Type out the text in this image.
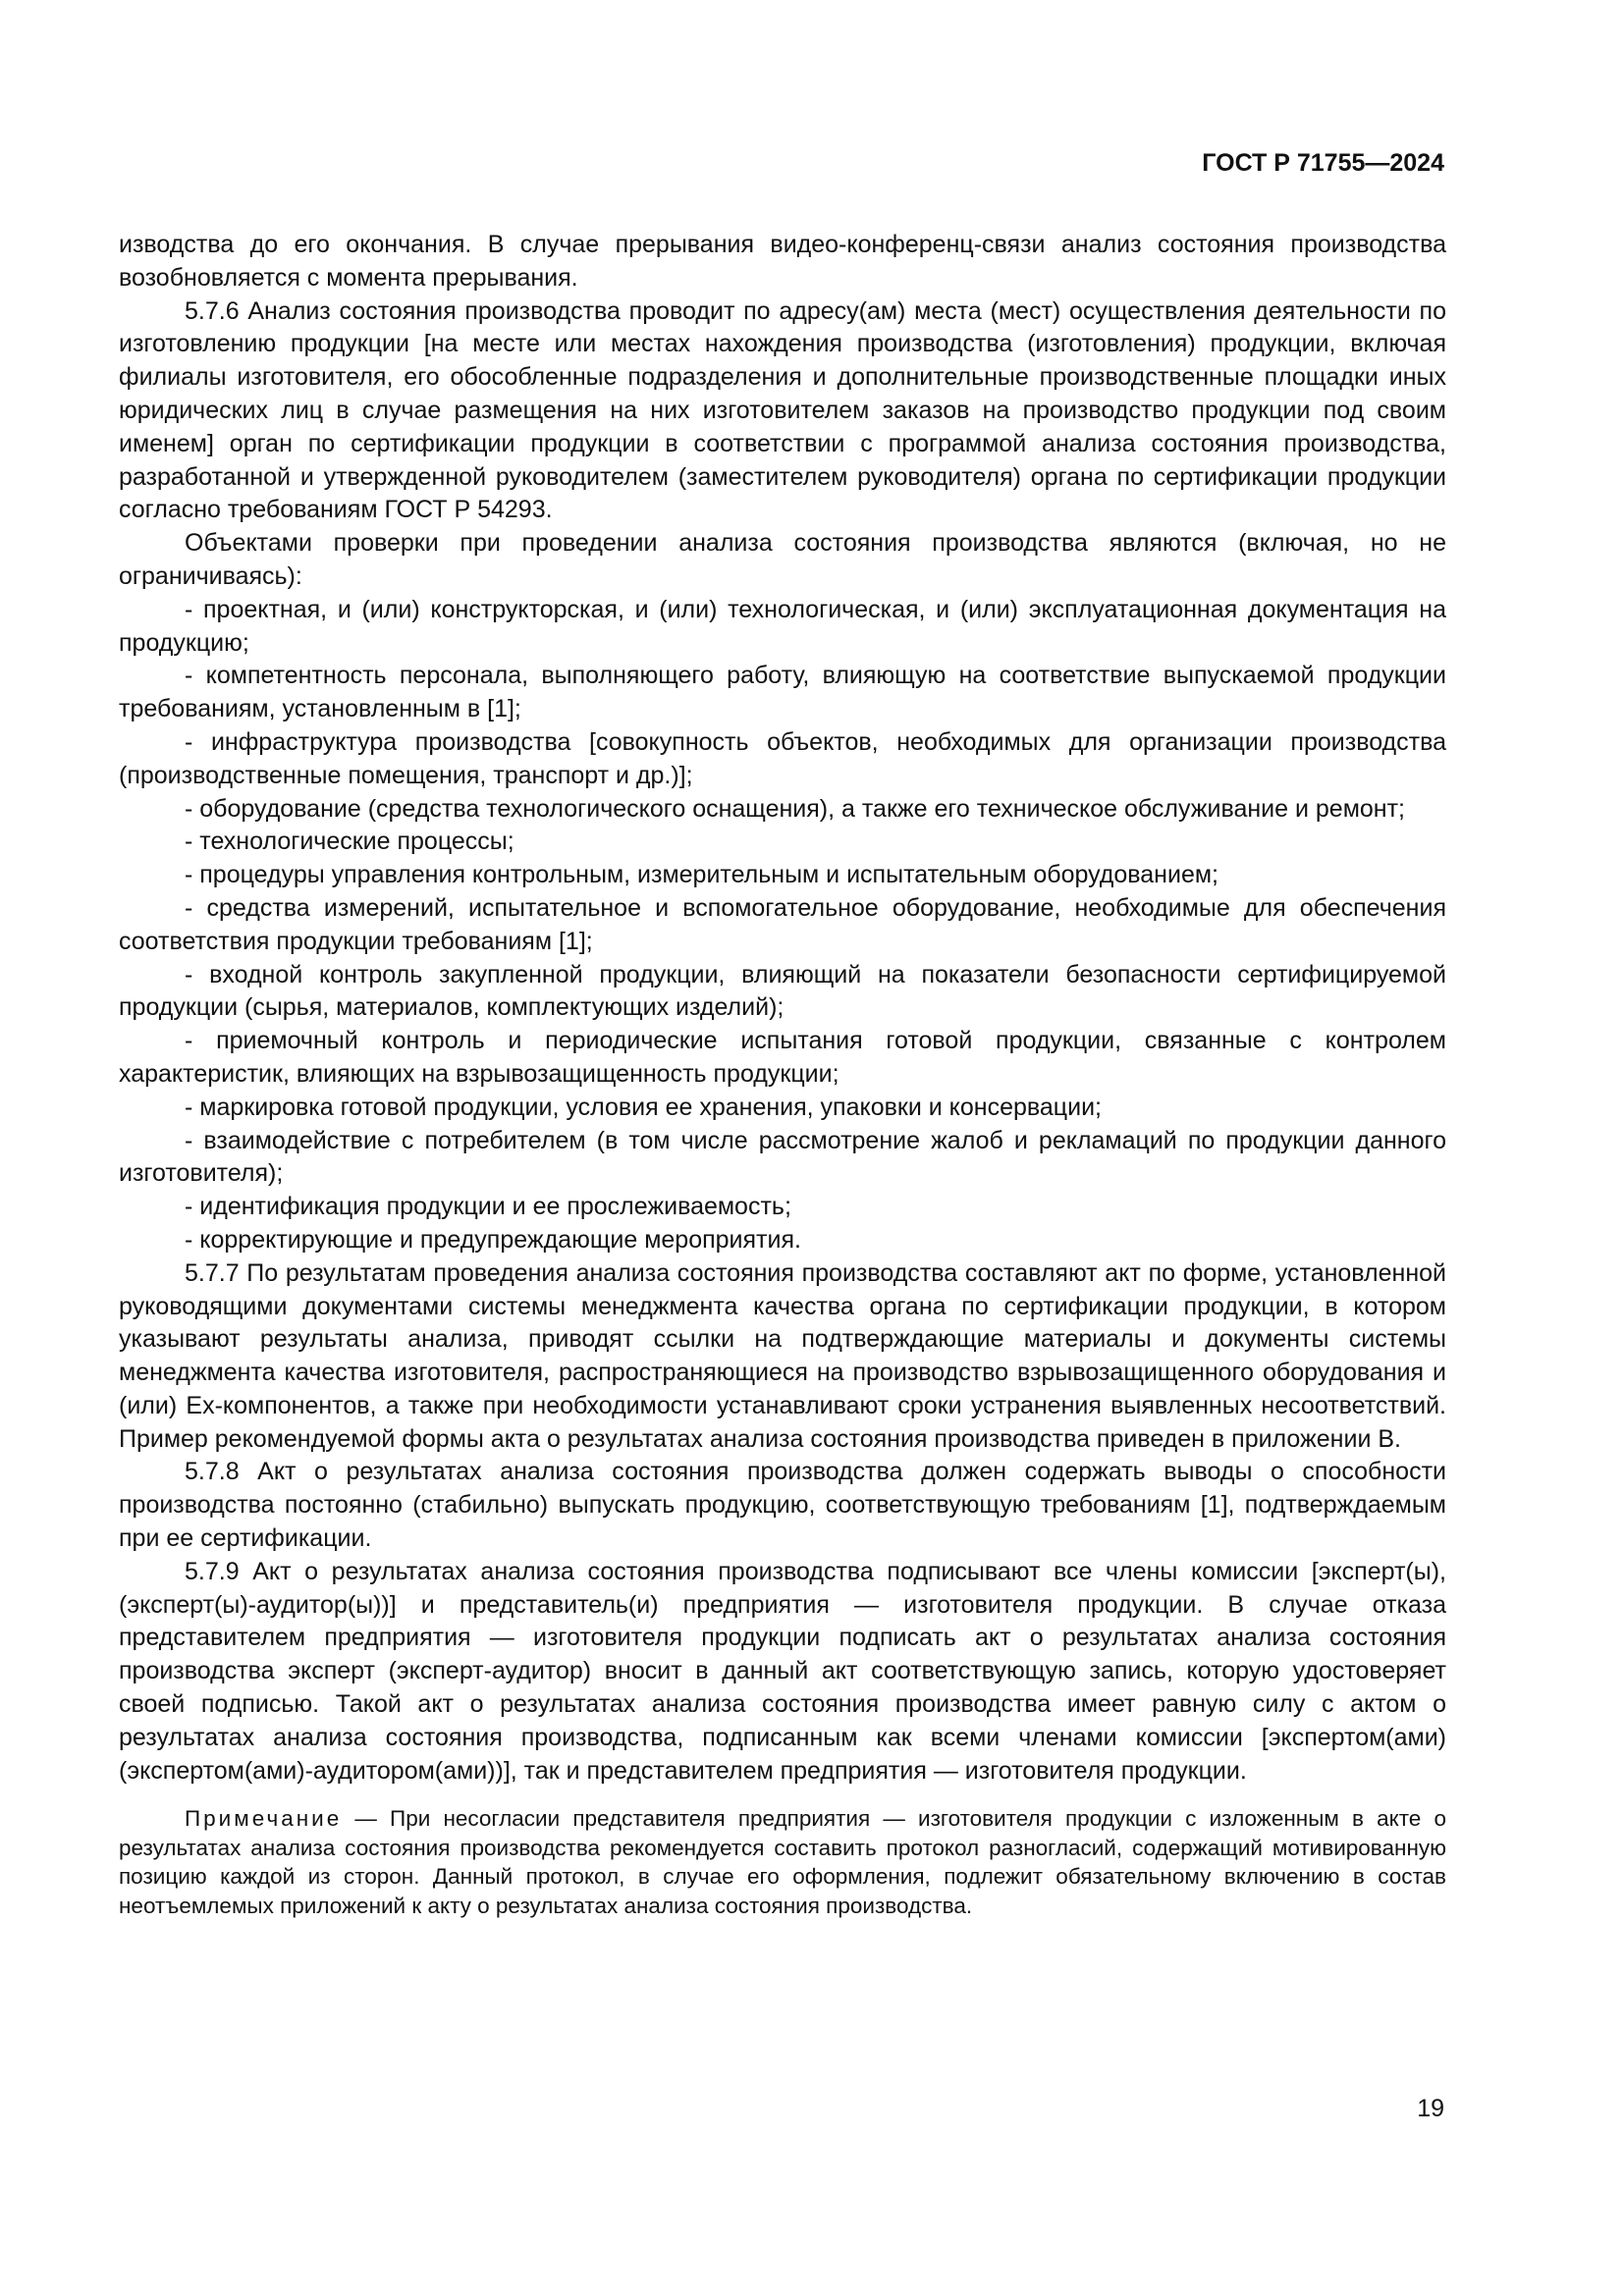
ГОСТ Р 71755—2024

изводства до его окончания. В случае прерывания видео-конференц-связи анализ состояния производства возобновляется с момента прерывания.

5.7.6 Анализ состояния производства проводит по адресу(ам) места (мест) осуществления деятельности по изготовлению продукции [на месте или местах нахождения производства (изготовления) продукции, включая филиалы изготовителя, его обособленные подразделения и дополнительные производственные площадки иных юридических лиц в случае размещения на них изготовителем заказов на производство продукции под своим именем] орган по сертификации продукции в соответствии с программой анализа состояния производства, разработанной и утвержденной руководителем (заместителем руководителя) органа по сертификации продукции согласно требованиям ГОСТ Р 54293.

Объектами проверки при проведении анализа состояния производства являются (включая, но не ограничиваясь):

- проектная, и (или) конструкторская, и (или) технологическая, и (или) эксплуатационная документация на продукцию;

- компетентность персонала, выполняющего работу, влияющую на соответствие выпускаемой продукции требованиям, установленным в [1];

- инфраструктура производства [совокупность объектов, необходимых для организации производства (производственные помещения, транспорт и др.)];

- оборудование (средства технологического оснащения), а также его техническое обслуживание и ремонт;

- технологические процессы;

- процедуры управления контрольным, измерительным и испытательным оборудованием;

- средства измерений, испытательное и вспомогательное оборудование, необходимые для обеспечения соответствия продукции требованиям [1];

- входной контроль закупленной продукции, влияющий на показатели безопасности сертифицируемой продукции (сырья, материалов, комплектующих изделий);

- приемочный контроль и периодические испытания готовой продукции, связанные с контролем характеристик, влияющих на взрывозащищенность продукции;

- маркировка готовой продукции, условия ее хранения, упаковки и консервации;

- взаимодействие с потребителем (в том числе рассмотрение жалоб и рекламаций по продукции данного изготовителя);

- идентификация продукции и ее прослеживаемость;

- корректирующие и предупреждающие мероприятия.

5.7.7 По результатам проведения анализа состояния производства составляют акт по форме, установленной руководящими документами системы менеджмента качества органа по сертификации продукции, в котором указывают результаты анализа, приводят ссылки на подтверждающие материалы и документы системы менеджмента качества изготовителя, распространяющиеся на производство взрывозащищенного оборудования и (или) Ех-компонентов, а также при необходимости устанавливают сроки устранения выявленных несоответствий. Пример рекомендуемой формы акта о результатах анализа состояния производства приведен в приложении В.

5.7.8 Акт о результатах анализа состояния производства должен содержать выводы о способности производства постоянно (стабильно) выпускать продукцию, соответствующую требованиям [1], подтверждаемым при ее сертификации.

5.7.9 Акт о результатах анализа состояния производства подписывают все члены комиссии [эксперт(ы), (эксперт(ы)-аудитор(ы))] и представитель(и) предприятия — изготовителя продукции. В случае отказа представителем предприятия — изготовителя продукции подписать акт о результатах анализа состояния производства эксперт (эксперт-аудитор) вносит в данный акт соответствующую запись, которую удостоверяет своей подписью. Такой акт о результатах анализа состояния производства имеет равную силу с актом о результатах анализа состояния производства, подписанным как всеми членами комиссии [экспертом(ами) (экспертом(ами)-аудитором(ами))], так и представителем предприятия — изготовителя продукции.

Примечание — При несогласии представителя предприятия — изготовителя продукции с изложенным в акте о результатах анализа состояния производства рекомендуется составить протокол разногласий, содержащий мотивированную позицию каждой из сторон. Данный протокол, в случае его оформления, подлежит обязательному включению в состав неотъемлемых приложений к акту о результатах анализа состояния производства.

19
